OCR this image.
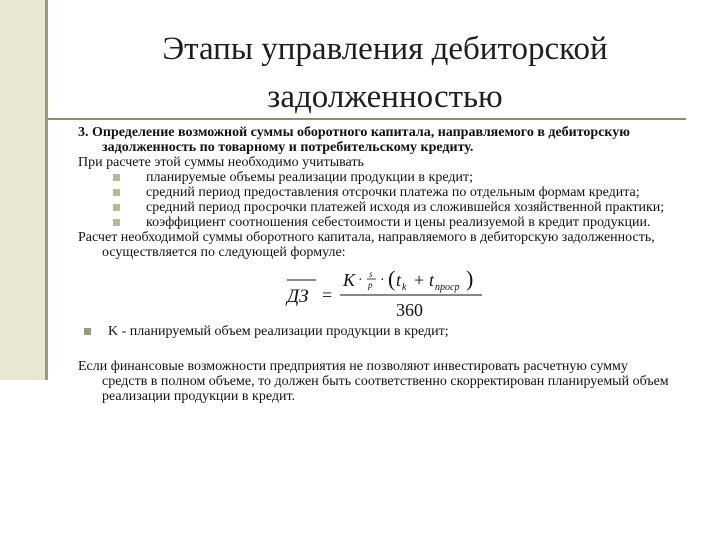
Этапы управления дебиторской
задолженностью

3. Определение возможной суммы оборотного капитала, направляемого в дебиторскую задолженность по товарному и потребительскому кредиту.

При расчете этой суммы необходимо учитывать

планируемые объемы реализации продукции в кредит;
средний период предоставления отсрочки платежа по отдельным формам кредита;
средний период просрочки платежей исходя из сложившейся хозяйственной практики;
коэффициент соотношения себестоимости и цены реализуемой в кредит продукции.

Расчет необходимой суммы оборотного капитала, направляемого в дебиторскую задолженность, осуществляется по следующей формуле:

ДЗ =
K · s
p · ( t k + t проср )
360
K - планируемый объем реализации продукции в кредит;

Если финансовые возможности предприятия не позволяют инвестировать расчетную сумму средств в полном объеме, то должен быть соответственно скорректирован планируемый объем реализации продукции в кредит.
